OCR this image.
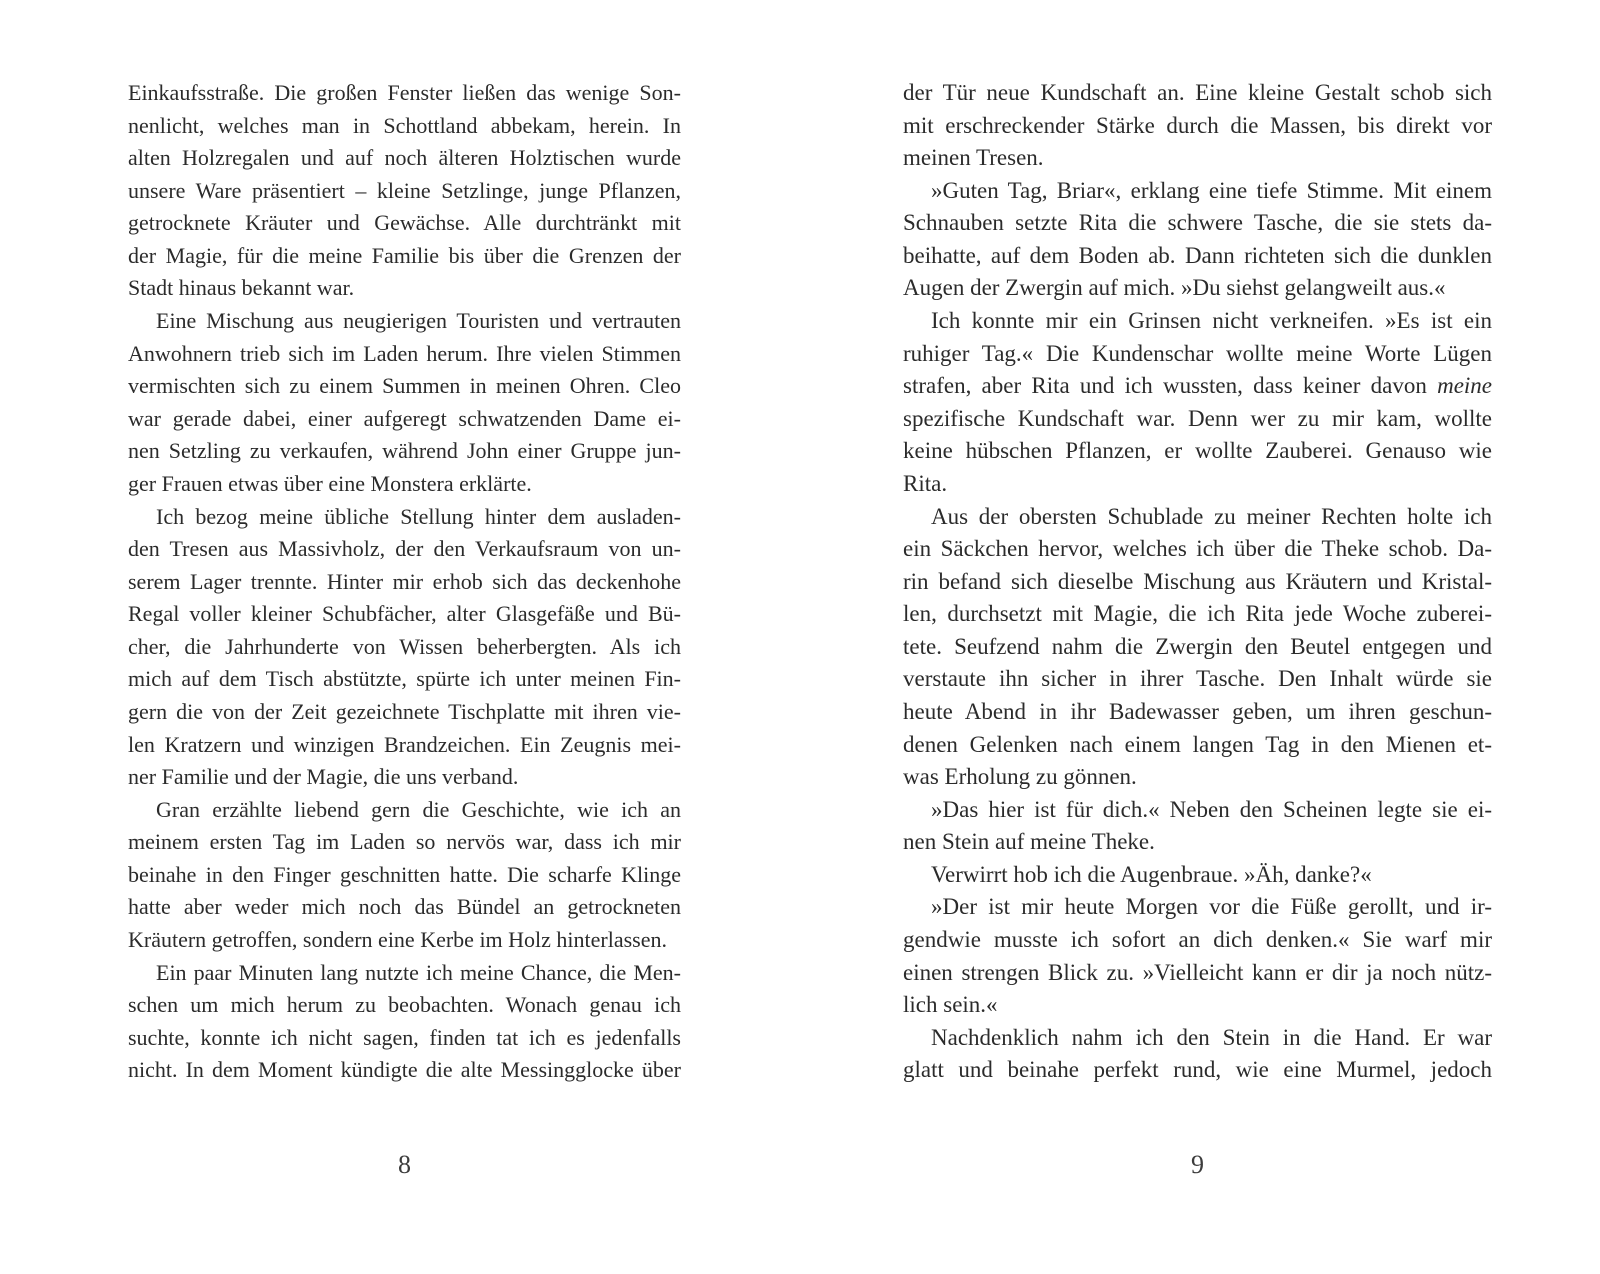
Einkaufsstraße. Die großen Fenster ließen das wenige Son-
nenlicht, welches man in Schottland abbekam, herein. In
alten Holzregalen und auf noch älteren Holztischen wurde
unsere Ware präsentiert – kleine Setzlinge, junge Pflanzen,
getrocknete Kräuter und Gewächse. Alle durchtränkt mit
der Magie, für die meine Familie bis über die Grenzen der
Stadt hinaus bekannt war.

Eine Mischung aus neugierigen Touristen und vertrauten
Anwohnern trieb sich im Laden herum. Ihre vielen Stimmen
vermischten sich zu einem Summen in meinen Ohren. Cleo
war gerade dabei, einer aufgeregt schwatzenden Dame ei-
nen Setzling zu verkaufen, während John einer Gruppe jun-
ger Frauen etwas über eine Monstera erklärte.

Ich bezog meine übliche Stellung hinter dem ausladen-
den Tresen aus Massivholz, der den Verkaufsraum von un-
serem Lager trennte. Hinter mir erhob sich das deckenhohe
Regal voller kleiner Schubfächer, alter Glasgefäße und Bü-
cher, die Jahrhunderte von Wissen beherbergten. Als ich
mich auf dem Tisch abstützte, spürte ich unter meinen Fin-
gern die von der Zeit gezeichnete Tischplatte mit ihren vie-
len Kratzern und winzigen Brandzeichen. Ein Zeugnis mei-
ner Familie und der Magie, die uns verband.

Gran erzählte liebend gern die Geschichte, wie ich an
meinem ersten Tag im Laden so nervös war, dass ich mir
beinahe in den Finger geschnitten hatte. Die scharfe Klinge
hatte aber weder mich noch das Bündel an getrockneten
Kräutern getroffen, sondern eine Kerbe im Holz hinterlassen.

Ein paar Minuten lang nutzte ich meine Chance, die Men-
schen um mich herum zu beobachten. Wonach genau ich
suchte, konnte ich nicht sagen, finden tat ich es jedenfalls
nicht. In dem Moment kündigte die alte Messingglocke über

der Tür neue Kundschaft an. Eine kleine Gestalt schob sich
mit erschreckender Stärke durch die Massen, bis direkt vor
meinen Tresen.

»Guten Tag, Briar«, erklang eine tiefe Stimme. Mit einem
Schnauben setzte Rita die schwere Tasche, die sie stets da-
beihatte, auf dem Boden ab. Dann richteten sich die dunklen
Augen der Zwergin auf mich. »Du siehst gelangweilt aus.«

Ich konnte mir ein Grinsen nicht verkneifen. »Es ist ein
ruhiger Tag.« Die Kundenschar wollte meine Worte Lügen
strafen, aber Rita und ich wussten, dass keiner davon meine
spezifische Kundschaft war. Denn wer zu mir kam, wollte
keine hübschen Pflanzen, er wollte Zauberei. Genauso wie
Rita.

Aus der obersten Schublade zu meiner Rechten holte ich
ein Säckchen hervor, welches ich über die Theke schob. Da-
rin befand sich dieselbe Mischung aus Kräutern und Kristal-
len, durchsetzt mit Magie, die ich Rita jede Woche zuberei-
tete. Seufzend nahm die Zwergin den Beutel entgegen und
verstaute ihn sicher in ihrer Tasche. Den Inhalt würde sie
heute Abend in ihr Badewasser geben, um ihren geschun-
denen Gelenken nach einem langen Tag in den Mienen et-
was Erholung zu gönnen.

»Das hier ist für dich.« Neben den Scheinen legte sie ei-
nen Stein auf meine Theke.

Verwirrt hob ich die Augenbraue. »Äh, danke?«

»Der ist mir heute Morgen vor die Füße gerollt, und ir-
gendwie musste ich sofort an dich denken.« Sie warf mir
einen strengen Blick zu. »Vielleicht kann er dir ja noch nütz-
lich sein.«

Nachdenklich nahm ich den Stein in die Hand. Er war
glatt und beinahe perfekt rund, wie eine Murmel, jedoch

8	9
